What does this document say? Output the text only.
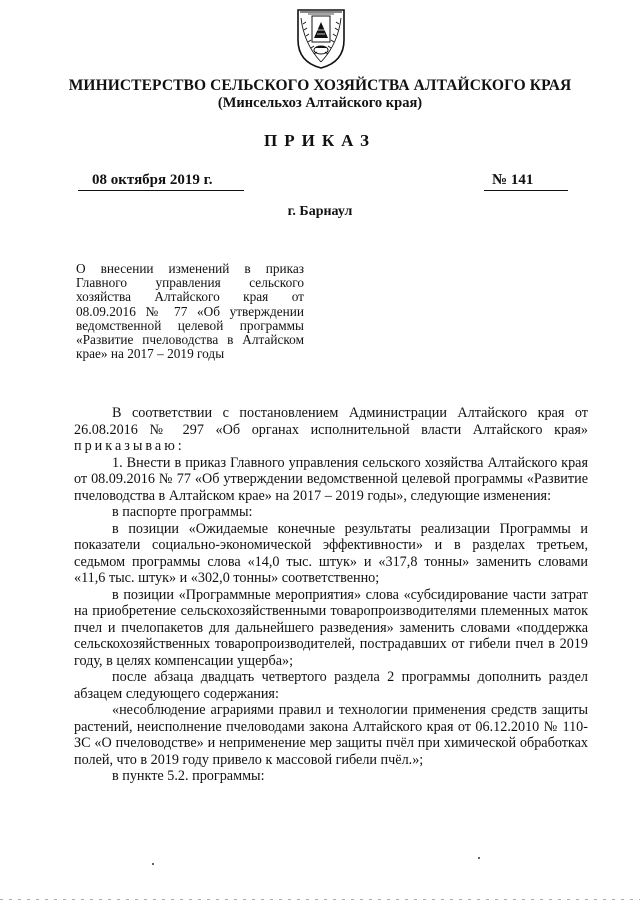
МИНИСТЕРСТВО СЕЛЬСКОГО ХОЗЯЙСТВА АЛТАЙСКОГО КРАЯ
(Минсельхоз Алтайского края)
ПРИКАЗ
08 октября 2019 г.	№ 141
г. Барнаул
О внесении изменений в приказ Главного управления сельского хозяйства Алтайского края от 08.09.2016 № 77 «Об утверждении ведомственной целевой программы «Развитие пчеловодства в Алтайском крае» на 2017 – 2019 годы

В соответствии с постановлением Администрации Алтайского края от 26.08.2016 № 297 «Об органах исполнительной власти Алтайского края» приказываю:

1. Внести в приказ Главного управления сельского хозяйства Алтайского края от 08.09.2016 № 77 «Об утверждении ведомственной целевой программы «Развитие пчеловодства в Алтайском крае» на 2017 – 2019 годы», следующие изменения:

в паспорте программы:

в позиции «Ожидаемые конечные результаты реализации Программы и показатели социально-экономической эффективности» и в разделах третьем, седьмом программы слова «14,0 тыс. штук» и «317,8 тонны» заменить словами «11,6 тыс. штук» и «302,0 тонны» соответственно;

в позиции «Программные мероприятия» слова «субсидирование части затрат на приобретение сельскохозяйственными товаропроизводителями племенных маток пчел и пчелопакетов для дальнейшего разведения» заменить словами «поддержка сельскохозяйственных товаропроизводителей, пострадавших от гибели пчел в 2019 году, в целях компенсации ущерба»;

после абзаца двадцать четвертого раздела 2 программы дополнить раздел абзацем следующего содержания:

«несоблюдение аграриями правил и технологии применения средств защиты растений, неисполнение пчеловодами закона Алтайского края от 06.12.2010 № 110-ЗС «О пчеловодстве» и неприменение мер защиты пчёл при химической обработках полей, что в 2019 году привело к массовой гибели пчёл.»;

в пункте 5.2. программы:
